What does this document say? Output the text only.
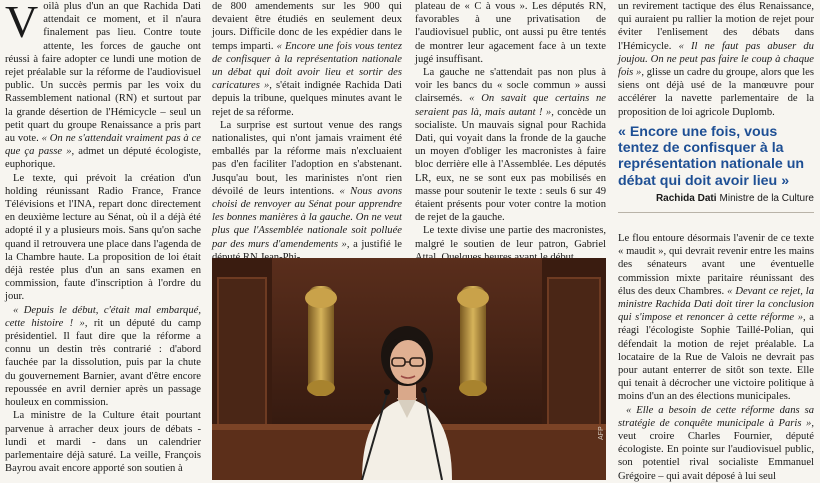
Voilà plus d'un an que Rachida Dati attendait ce moment, et il n'aura finalement pas lieu. Contre toute attente, les forces de gauche ont réussi à faire adopter ce lundi une motion de rejet préalable sur la réforme de l'audiovisuel public. Un succès permis par les voix du Rassemblement national (RN) et surtout par la grande désertion de l'Hémicycle – seul un petit quart du groupe Renaissance a pris part au vote. « On ne s'attendait vraiment pas à ce que ça passe », admet un député écologiste, euphorique.

Le texte, qui prévoit la création d'un holding réunissant Radio France, France Télévisions et l'INA, repart donc directement en deuxième lecture au Sénat, où il a déjà été adopté il y a plusieurs mois. Sans qu'on sache quand il retrouvera une place dans l'agenda de la Chambre haute. La proposition de loi était déjà restée plus d'un an sans examen en commission, faute d'inscription à l'ordre du jour.

« Depuis le début, c'était mal embarqué, cette histoire ! », rit un député du camp présidentiel. Il faut dire que la réforme a connu un destin très contrarié : d'abord fauchée par la dissolution, puis par la chute du gouvernement Barnier, avant d'être encore repoussée en avril dernier après un passage houleux en commission.

La ministre de la Culture était pourtant parvenue à arracher deux jours de débats - lundi et mardi - dans un calendrier parlementaire déjà saturé. La veille, François Bayrou avait encore apporté son soutien à

de 800 amendements sur les 900 qui devaient être étudiés en seulement deux jours. Difficile donc de les expédier dans le temps imparti. « Encore une fois vous tentez de confisquer à la représentation nationale un débat qui doit avoir lieu et sortir des caricatures », s'était indignée Rachida Dati depuis la tribune, quelques minutes avant le rejet de sa réforme.

La surprise est surtout venue des rangs nationalistes, qui n'ont jamais vraiment été emballés par la réforme mais n'excluaient pas d'en faciliter l'adoption en s'abstenant. Jusqu'au bout, les marinistes n'ont rien dévoilé de leurs intentions. « Nous avons choisi de renvoyer au Sénat pour apprendre les bonnes manières à la gauche. On ne veut plus que l'Assemblée nationale soit polluée par des murs d'amendements », a justifié le

plateau de « C à vous ». Les députés RN, favorables à une privatisation de l'audiovisuel public, ont aussi pu être tentés de montrer leur agacement face à un texte jugé insuffisant.

La gauche ne s'attendait pas non plus à voir les bancs du « socle commun » aussi clairsemés. « On savait que certains ne seraient pas là, mais autant ! », concède un socialiste. Un mauvais signal pour Rachida Dati, qui voyait dans la fronde de la gauche un moyen d'obliger les macronistes à faire bloc derrière elle à l'Assemblée. Les députés LR, eux, ne se sont eux pas mobilisés en masse pour soutenir le texte : seuls 6 sur 49 étaient présents pour voter contre la motion de rejet de la gauche.

Le texte divise une partie des macronistes, malgré le soutien de leur patron, Gabriel

AFP

un revirement tactique des élus Renaissance, qui auraient pu rallier la motion de rejet pour éviter l'enlisement des débats dans l'Hémicycle. « Il ne faut pas abuser du joujou. On ne peut pas faire le coup à chaque fois », glisse un cadre du groupe, alors que les siens ont déjà usé de la manœuvre pour accélérer la navette parlementaire de la proposition de loi agricole Duplomb.

« Encore une fois, vous tentez de confisquer à la représentation nationale un débat qui doit avoir lieu »

Rachida Dati Ministre de la Culture

Le flou entoure désormais l'avenir de ce texte « maudit », qui devrait revenir entre les mains des sénateurs avant une éventuelle commission mixte paritaire réunissant des élus des deux Chambres. « Devant ce rejet, la ministre Rachida Dati doit tirer la conclusion qui s'impose et renoncer à cette réforme », a réagi l'écologiste Sophie Taillé-Polian, qui défendait la motion de rejet préalable. La locataire de la Rue de Valois ne devrait pas pour autant enterrer de sitôt son texte. Elle qui tenait à décrocher une victoire politique à moins d'un an des élections municipales.

« Elle a besoin de cette réforme dans sa stratégie de conquête municipale à Paris », veut croire Charles Fournier, député écologiste. En pointe sur l'audiovisuel public, son potentiel rival socialiste Emmanuel Grégoire – qui avait déposé à lui seul
